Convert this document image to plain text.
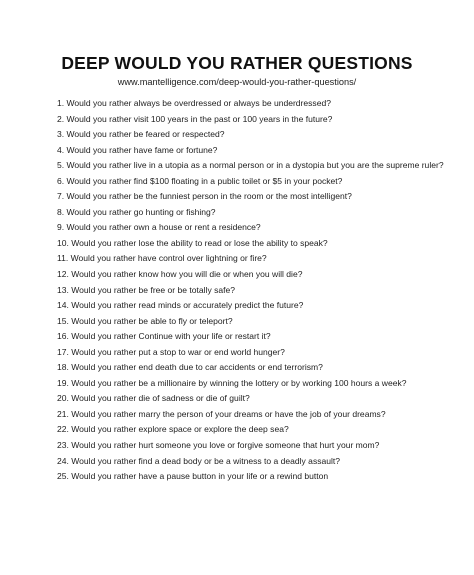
DEEP WOULD YOU RATHER QUESTIONS
www.mantelligence.com/deep-would-you-rather-questions/
1. Would you rather always be overdressed or always be underdressed?
2. Would you rather visit 100 years in the past or 100 years in the future?
3. Would you rather be feared or respected?
4. Would you rather have fame or fortune?
5. Would you rather live in a utopia as a normal person or in a dystopia but you are the supreme ruler?
6. Would you rather find $100 floating in a public toilet or $5 in your pocket?
7. Would you rather be the funniest person in the room or the most intelligent?
8. Would you rather go hunting or fishing?
9. Would you rather own a house or rent a residence?
10. Would you rather lose the ability to read or lose the ability to speak?
11. Would you rather have control over lightning or fire?
12. Would you rather know how you will die or when you will die?
13. Would you rather be free or be totally safe?
14. Would you rather read minds or accurately predict the future?
15. Would you rather be able to fly or teleport?
16. Would you rather Continue with your life or restart it?
17. Would you rather put a stop to war or end world hunger?
18. Would you rather end death due to car accidents or end terrorism?
19. Would you rather be a millionaire by winning the lottery or by working 100 hours a week?
20. Would you rather die of sadness or die of guilt?
21. Would you rather marry the person of your dreams or have the job of your dreams?
22. Would you rather explore space or explore the deep sea?
23. Would you rather hurt someone you love or forgive someone that hurt your mom?
24. Would you rather find a dead body or be a witness to a deadly assault?
25. Would you rather have a pause button in your life or a rewind button
